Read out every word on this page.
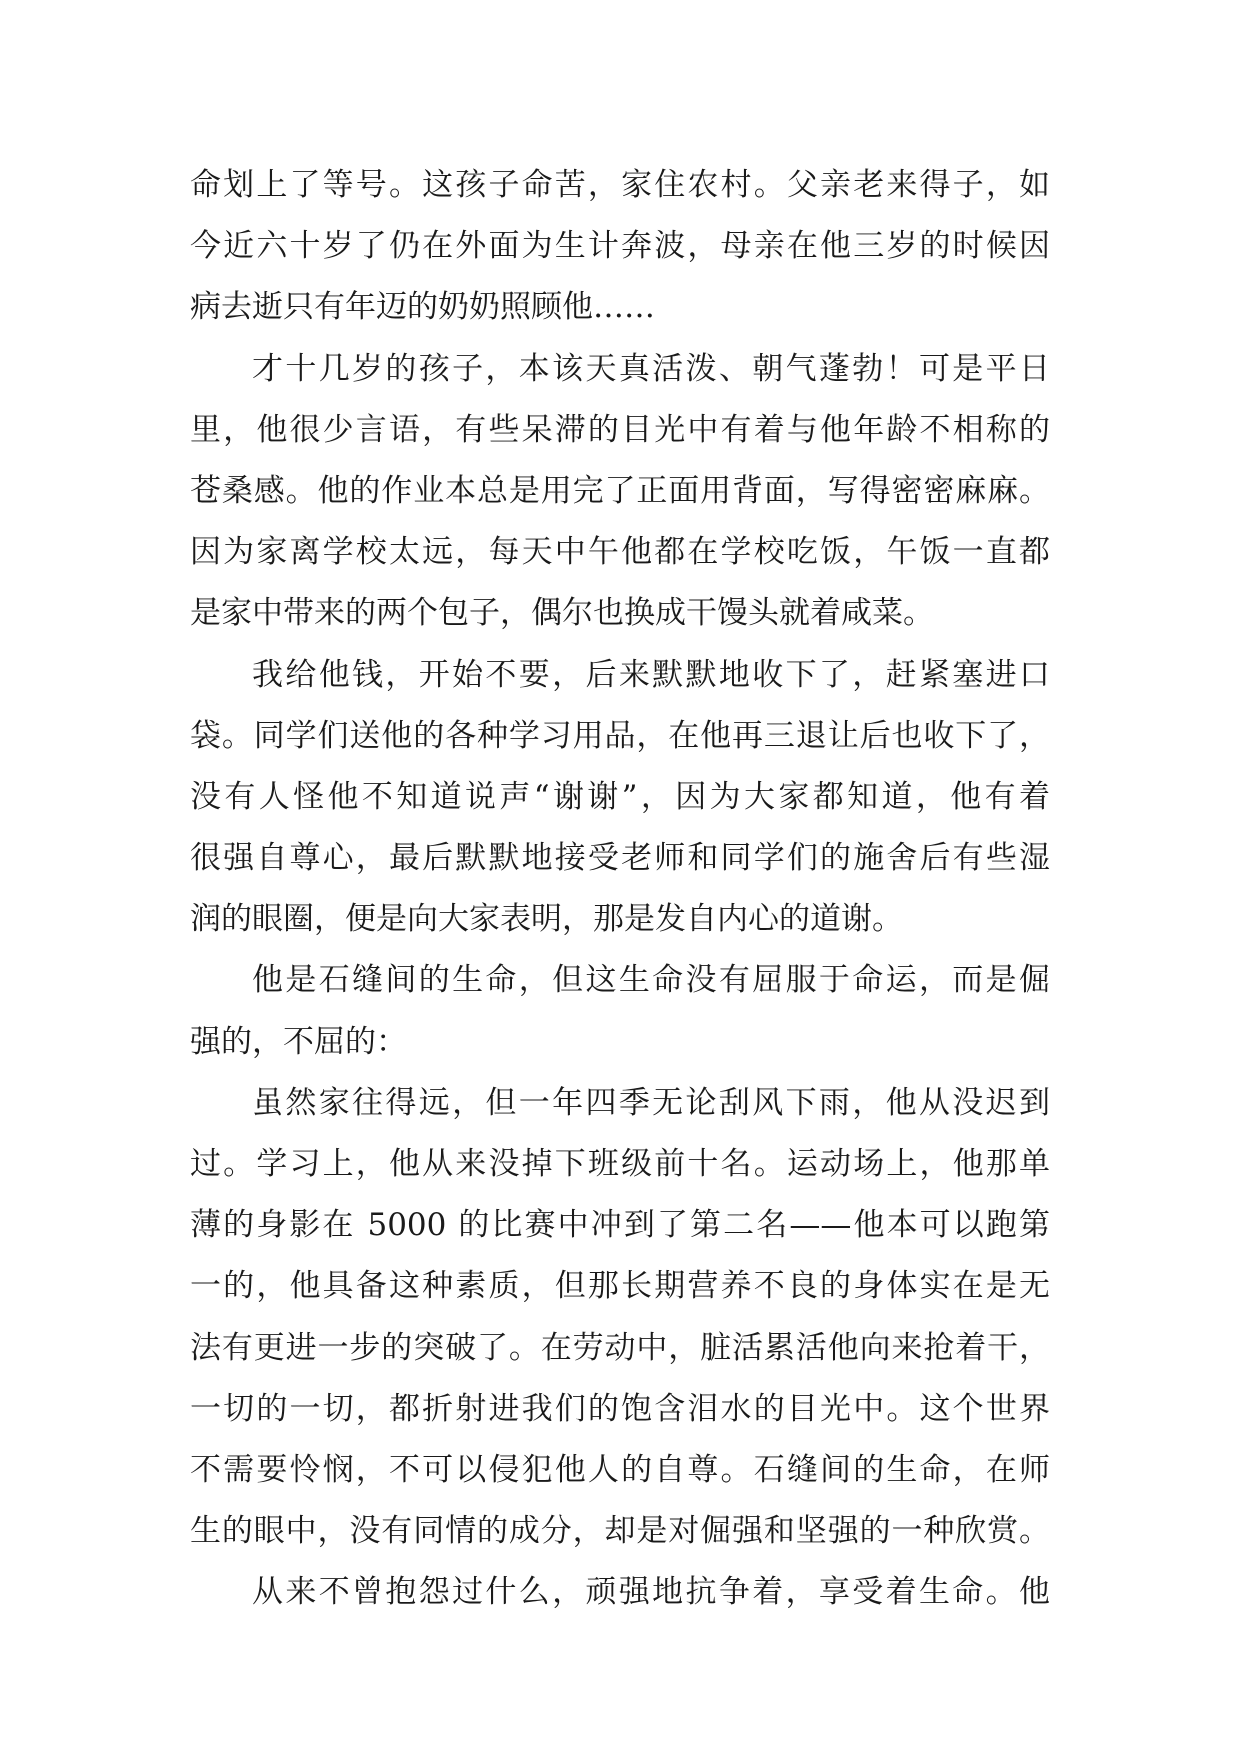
命划上了等号。这孩子命苦，家住农村。父亲老来得子，如
今近六十岁了仍在外面为生计奔波，母亲在他三岁的时候因
病去逝只有年迈的奶奶照顾他……
才十几岁的孩子，本该天真活泼、朝气蓬勃！可是平日
里，他很少言语，有些呆滞的目光中有着与他年龄不相称的
苍桑感。他的作业本总是用完了正面用背面，写得密密麻麻。
因为家离学校太远，每天中午他都在学校吃饭，午饭一直都
是家中带来的两个包子，偶尔也换成干馒头就着咸菜。
我给他钱，开始不要，后来默默地收下了，赶紧塞进口
袋。同学们送他的各种学习用品，在他再三退让后也收下了，
没有人怪他不知道说声“谢谢”，因为大家都知道，他有着
很强自尊心，最后默默地接受老师和同学们的施舍后有些湿
润的眼圈，便是向大家表明，那是发自内心的道谢。
他是石缝间的生命，但这生命没有屈服于命运，而是倔
强的，不屈的：
虽然家往得远，但一年四季无论刮风下雨，他从没迟到
过。学习上，他从来没掉下班级前十名。运动场上，他那单
薄的身影在 5000 的比赛中冲到了第二名——他本可以跑第
一的，他具备这种素质，但那长期营养不良的身体实在是无
法有更进一步的突破了。在劳动中，脏活累活他向来抢着干，
一切的一切，都折射进我们的饱含泪水的目光中。这个世界
不需要怜悯，不可以侵犯他人的自尊。石缝间的生命，在师
生的眼中，没有同情的成分，却是对倔强和坚强的一种欣赏。
从来不曾抱怨过什么，顽强地抗争着，享受着生命。他
